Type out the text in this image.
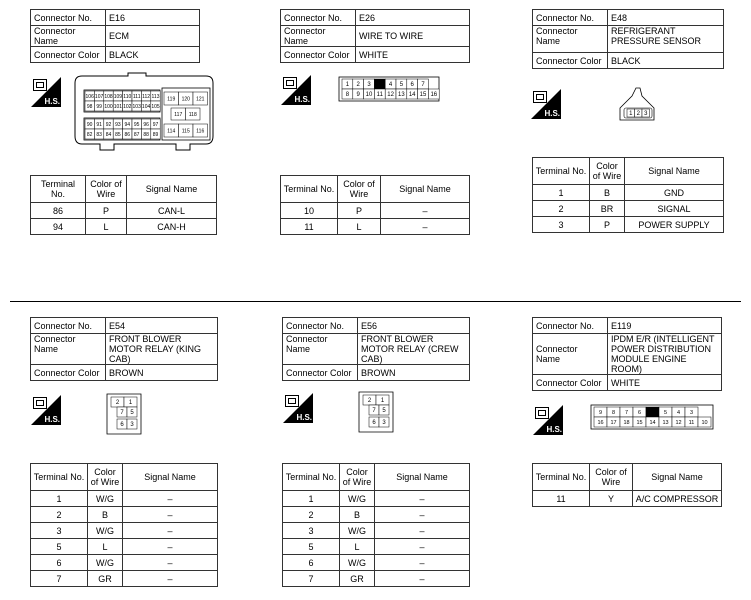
Connector No.	E16
Connector Name	ECM
Connector Color	BLACK
H.S.
106 107 108 109 110 111 112 113
98 99 100 101 102 103 104 105
90 91 92 93 94 95 96 97
82 83 84 85 86 87 88 89
119 120 121
117 118
114 115 116
Terminal No.	Color of Wire	Signal Name
86	P	CAN-L
94	L	CAN-H
Connector No.	E26
Connector Name	WIRE TO WIRE
Connector Color	WHITE
H.S.
1 2 3	4 5 6 7
8 9 10 11 12 13 14 15 16
Terminal No.	Color of Wire	Signal Name
10	P	–
11	L	–
Connector No.	E48
Connector Name	REFRIGERANT PRESSURE SENSOR
Connector Color	BLACK
H.S.	1 2 3
Terminal No.	Color of Wire	Signal Name
1	B	GND
2	BR	SIGNAL
3	P	POWER SUPPLY
Connector No.	E54
Connector Name	FRONT BLOWER MOTOR RELAY (KING CAB)
Connector Color	BROWN
H.S.
2 1
7 5
6 3
Terminal No.	Color of Wire	Signal Name
1	W/G	–
2	B	–
3	W/G	–
5	L	–
6	W/G	–
7	GR	–
Connector No.	E56
Connector Name	FRONT BLOWER MOTOR RELAY (CREW CAB)
Connector Color	BROWN
H.S.
2 1
7 5
6 3
Terminal No.	Color of Wire	Signal Name
1	W/G	–
2	B	–
3	W/G	–
5	L	–
6	W/G	–
7	GR	–
Connector No.	E119
Connector Name	IPDM E/R (INTELLIGENT POWER DISTRIBUTION MODULE ENGINE ROOM)
Connector Color	WHITE
H.S.
9 8 7 6	5 4 3
16 17 18 15 14 13 12 11 10
Terminal No.	Color of Wire	Signal Name
11	Y	A/C COMPRESSOR
